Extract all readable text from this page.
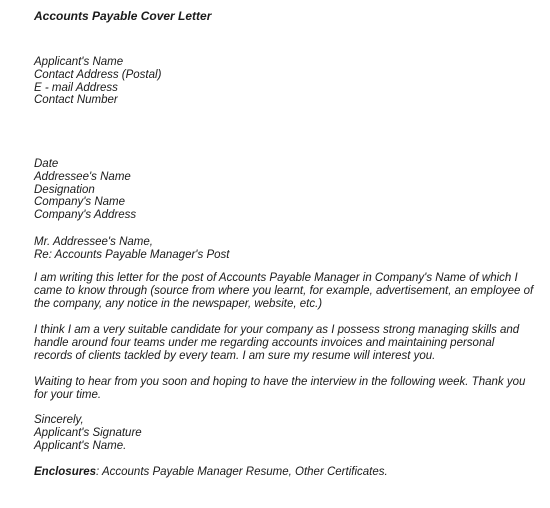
Accounts Payable Cover Letter
Applicant's Name
Contact Address (Postal)
E - mail Address
Contact Number
Date
Addressee's Name
Designation
Company's Name
Company's Address
Mr. Addressee's Name,
Re: Accounts Payable Manager's Post
I am writing this letter for the post of Accounts Payable Manager in Company's Name of which I
came to know through (source from where you learnt, for example, advertisement, an employee of
the company, any notice in the newspaper, website, etc.)
I think I am a very suitable candidate for your company as I possess strong managing skills and
handle around four teams under me regarding accounts invoices and maintaining personal
records of clients tackled by every team. I am sure my resume will interest you.
Waiting to hear from you soon and hoping to have the interview in the following week. Thank you
for your time.
Sincerely,
Applicant's Signature
Applicant's Name.
Enclosures: Accounts Payable Manager Resume, Other Certificates.
